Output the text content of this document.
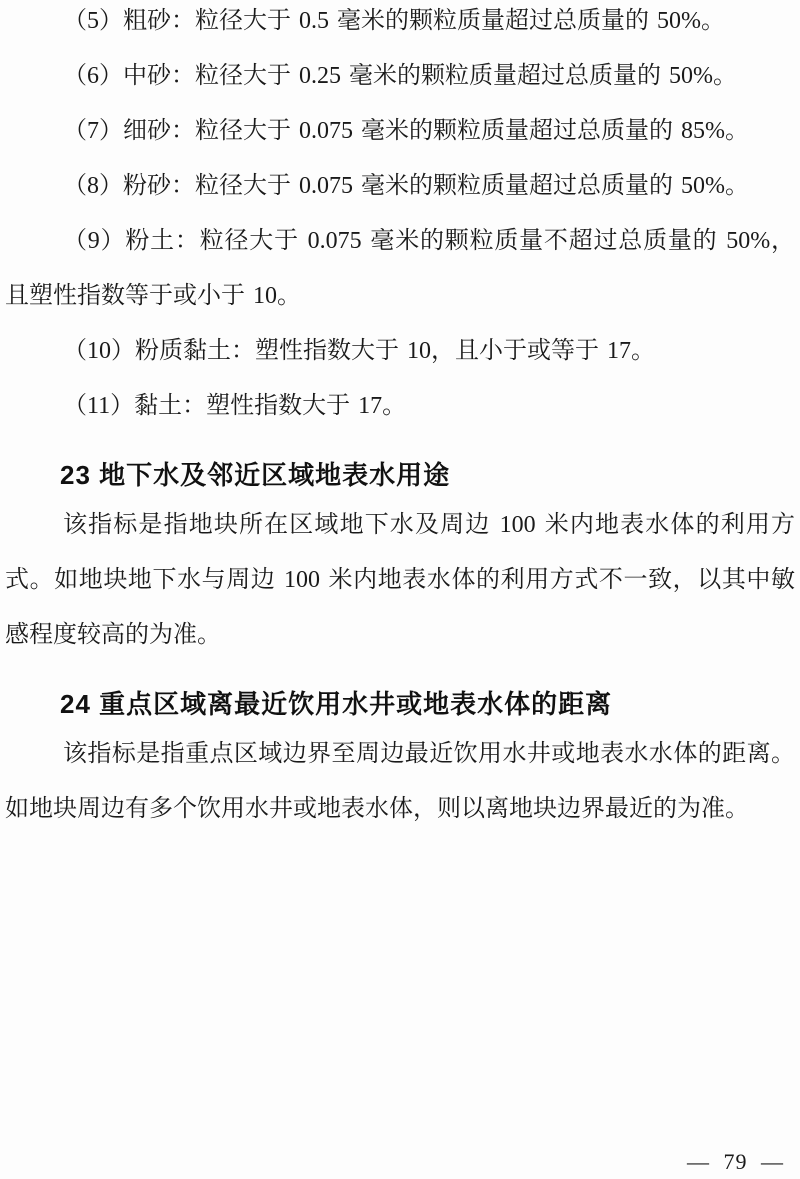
（5）粗砂：粒径大于 0.5 毫米的颗粒质量超过总质量的 50%。

（6）中砂：粒径大于 0.25 毫米的颗粒质量超过总质量的 50%。

（7）细砂：粒径大于 0.075 毫米的颗粒质量超过总质量的 85%。

（8）粉砂：粒径大于 0.075 毫米的颗粒质量超过总质量的 50%。

（9）粉土：粒径大于 0.075 毫米的颗粒质量不超过总质量的 50%，且塑性指数等于或小于 10。

（10）粉质黏土：塑性指数大于 10，且小于或等于 17。

（11）黏土：塑性指数大于 17。

23 地下水及邻近区域地表水用途

该指标是指地块所在区域地下水及周边 100 米内地表水体的利用方式。如地块地下水与周边 100 米内地表水体的利用方式不一致，以其中敏感程度较高的为准。

24 重点区域离最近饮用水井或地表水体的距离

该指标是指重点区域边界至周边最近饮用水井或地表水水体的距离。如地块周边有多个饮用水井或地表水体，则以离地块边界最近的为准。

— 79 —
